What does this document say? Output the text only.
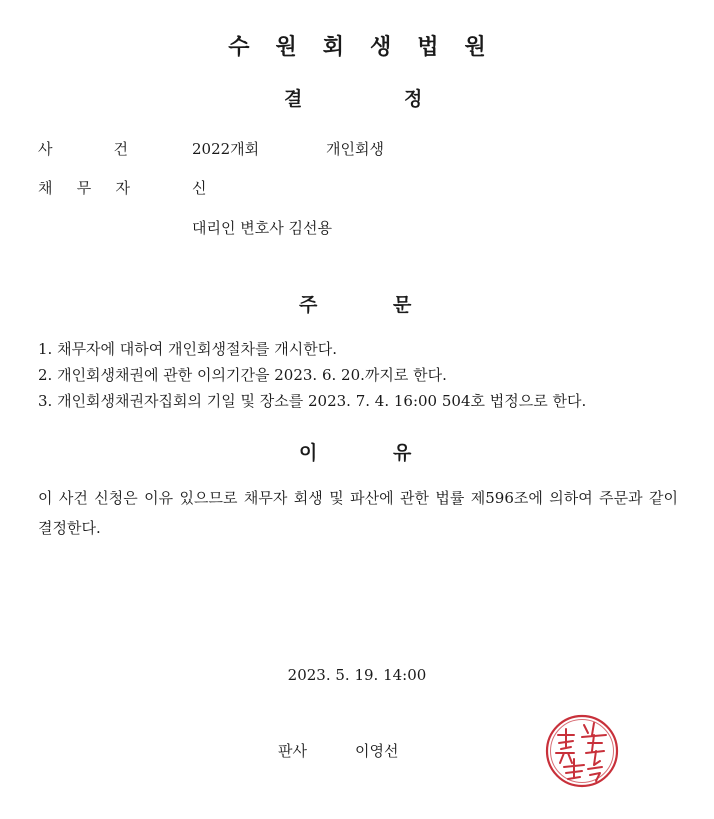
수원회생법원
결	정
사 건	2022개회	개인회생
채 무 자	신
대리인 변호사 김선용
주	문
1. 채무자에 대하여 개인회생절차를 개시한다.
2. 개인회생채권에 관한 이의기간을 2023. 6. 20.까지로 한다.
3. 개인회생채권자집회의 기일 및 장소를 2023. 7. 4. 16:00 504호 법정으로 한다.
이	유
이 사건 신청은 이유 있으므로 채무자 회생 및 파산에 관한 법률 제596조에 의하여 주문과 같이 결정한다.
2023. 5. 19. 14:00
판사	이영선
